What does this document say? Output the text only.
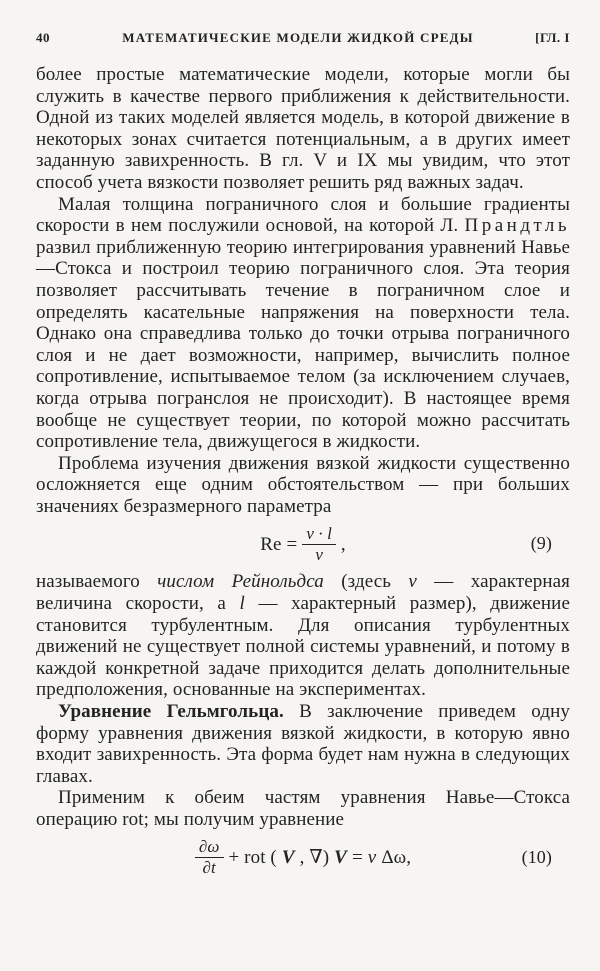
40	МАТЕМАТИЧЕСКИЕ МОДЕЛИ ЖИДКОЙ СРЕДЫ	[ГЛ. I

более простые математические модели, которые могли бы служить в качестве первого приближения к действительности. Одной из таких моделей является модель, в которой движение в некоторых зонах считается потенциальным, а в других имеет заданную завихренность. В гл. V и IX мы увидим, что этот способ учета вязкости позволяет решить ряд важных задач.

Малая толщина пограничного слоя и большие градиенты скорости в нем послужили основой, на которой Л. Прандтль развил приближенную теорию интегрирования уравнений Навье—Стокса и построил теорию пограничного слоя. Эта теория позволяет рассчитывать течение в пограничном слое и определять касательные напряжения на поверхности тела. Однако она справедлива только до точки отрыва пограничного слоя и не дает возможности, например, вычислить полное сопротивление, испытываемое телом (за исключением случаев, когда отрыва погранслоя не происходит). В настоящее время вообще не существует теории, по которой можно рассчитать сопротивление тела, движущегося в жидкости.

Проблема изучения движения вязкой жидкости существенно осложняется еще одним обстоятельством — при больших значениях безразмерного параметра

$Re = \frac{v \cdot l}{\nu}$ ,	(9)

называемого числом Рейнольдса (здесь v — характерная величина скорости, а l — характерный размер), движение становится турбулентным. Для описания турбулентных движений не существует полной системы уравнений, и потому в каждой конкретной задаче приходится делать дополнительные предположения, основанные на экспериментах.

Уравнение Гельмгольца. В заключение приведем одну форму уравнения движения вязкой жидкости, в которую явно входит завихренность. Эта форма будет нам нужна в следующих главах.

Применим к обеим частям уравнения Навье—Стокса операцию rot; мы получим уравнение

$\frac{\partial\omega}{\partial t}$ + rot ( V , ∇) V = ν Δω,	(10)
